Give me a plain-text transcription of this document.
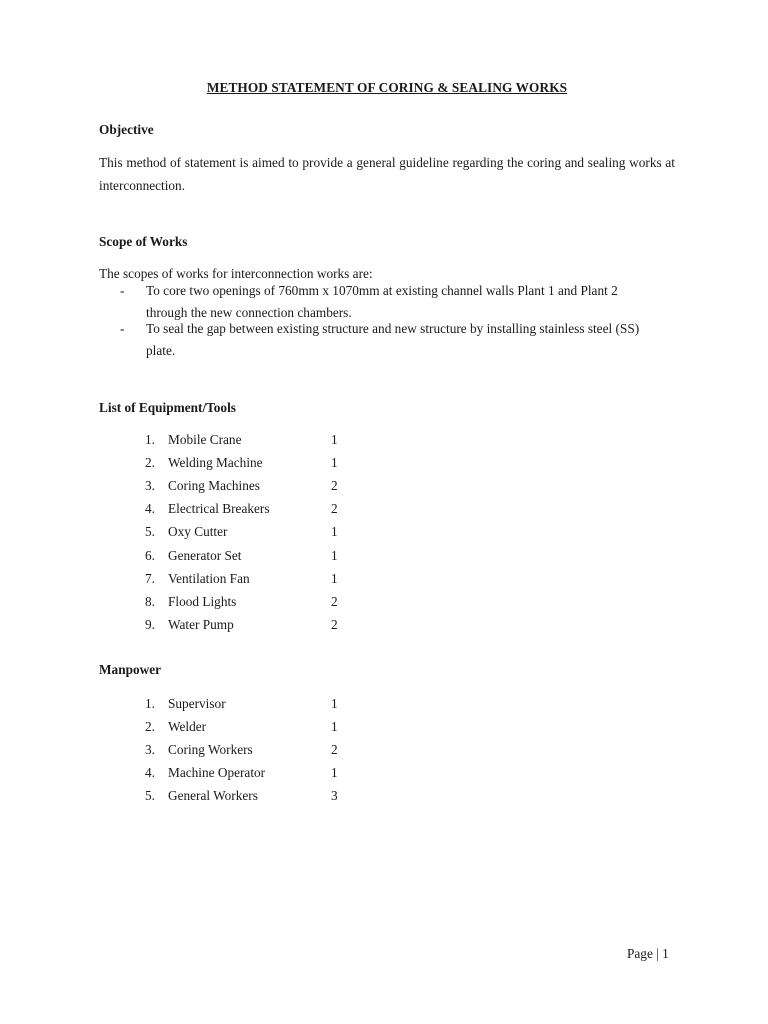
METHOD STATEMENT OF CORING & SEALING WORKS
Objective
This method of statement is aimed to provide a general guideline regarding the coring and sealing works at interconnection.
Scope of Works
The scopes of works for interconnection works are:
- To core two openings of 760mm x 1070mm at existing channel walls Plant 1 and Plant 2
through the new connection chambers.
- To seal the gap between existing structure and new structure by installing stainless steel (SS)
plate.
List of Equipment/Tools
1. Mobile Crane	1
2. Welding Machine	1
3. Coring Machines	2
4. Electrical Breakers	2
5. Oxy Cutter	1
6. Generator Set	1
7. Ventilation Fan	1
8. Flood Lights	2
9. Water Pump	2
Manpower
1. Supervisor	1
2. Welder	1
3. Coring Workers	2
4. Machine Operator	1
5. General Workers	3
Page | 1
